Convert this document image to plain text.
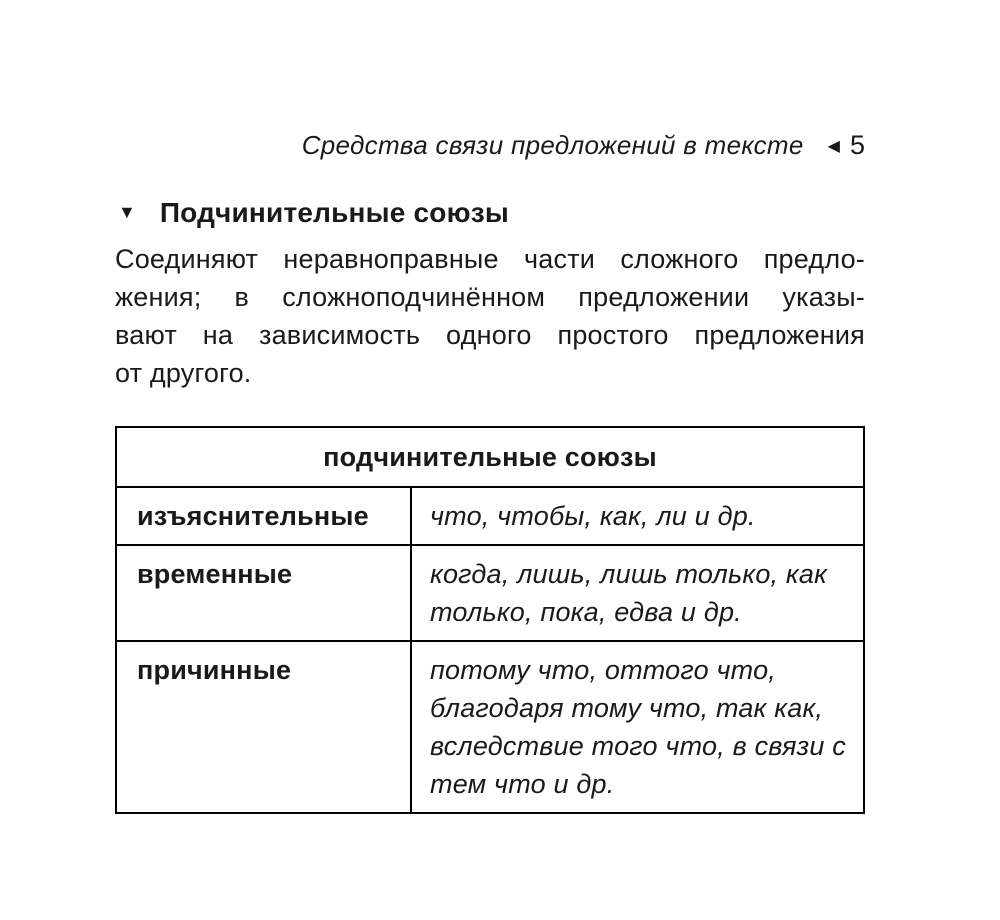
Средства связи предложений в тексте ◀ 5
▼ Подчинительные союзы
Соединяют неравноправные части сложного предло-
жения; в сложноподчинённом предложении указы-
вают на зависимость одного простого предложения
от другого.
подчинительные союзы
изъяснительные	что, чтобы, как, ли и др.
временные	когда, лишь, лишь только, как только, пока, едва и др.
причинные	потому что, оттого что, благодаря тому что, так как, вследствие того что, в связи с тем что и др.
